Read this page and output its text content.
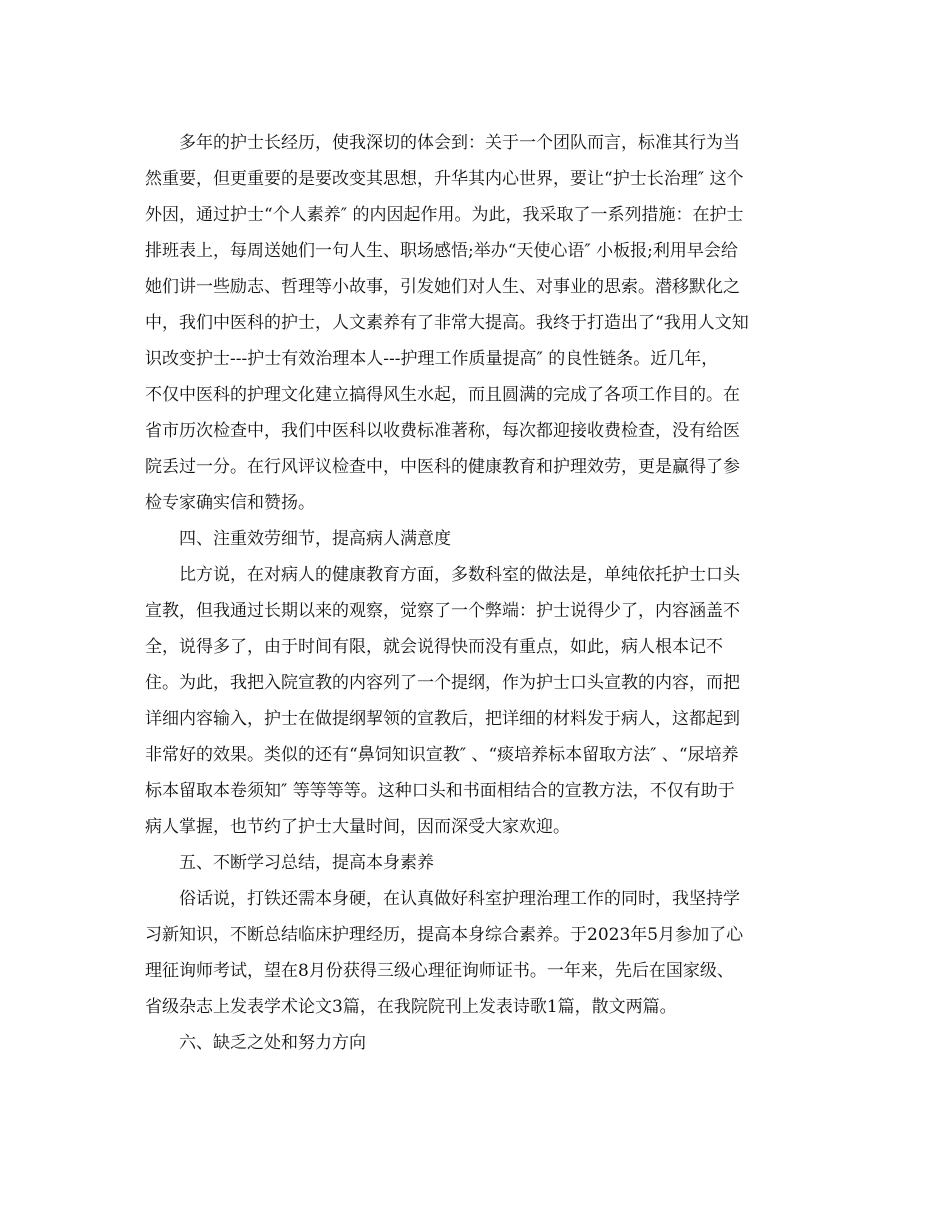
多年的护士长经历，使我深切的体会到：关于一个团队而言，标准其行为当
然重要，但更重要的是要改变其思想，升华其内心世界，要让“护士长治理″ 这个
外因，通过护士“个人素养″ 的内因起作用。为此，我采取了一系列措施：在护士
排班表上，每周送她们一句人生、职场感悟;举办“天使心语″ 小板报;利用早会给
她们讲一些励志、哲理等小故事，引发她们对人生、对事业的思索。潜移默化之
中，我们中医科的护士，人文素养有了非常大提高。我终于打造出了“我用人文知
识改变护士---护士有效治理本人---护理工作质量提高″ 的良性链条。近几年，
不仅中医科的护理文化建立搞得风生水起，而且圆满的完成了各项工作目的。在
省市历次检查中，我们中医科以收费标准著称，每次都迎接收费检查，没有给医
院丢过一分。在行风评议检查中，中医科的健康教育和护理效劳，更是赢得了参
检专家确实信和赞扬。
四、注重效劳细节，提高病人满意度
比方说，在对病人的健康教育方面，多数科室的做法是，单纯依托护士口头
宣教，但我通过长期以来的观察，觉察了一个弊端：护士说得少了，内容涵盖不
全，说得多了，由于时间有限，就会说得快而没有重点，如此，病人根本记不
住。为此，我把入院宣教的内容列了一个提纲，作为护士口头宣教的内容，而把
详细内容输入，护士在做提纲挈领的宣教后，把详细的材料发于病人，这都起到
非常好的效果。类似的还有“鼻饲知识宣教″ 、“痰培养标本留取方法″ 、“尿培养
标本留取本卷须知″ 等等等等。这种口头和书面相结合的宣教方法，不仅有助于
病人掌握，也节约了护士大量时间，因而深受大家欢迎。
五、不断学习总结，提高本身素养
俗话说，打铁还需本身硬，在认真做好科室护理治理工作的同时，我坚持学
习新知识，不断总结临床护理经历，提高本身综合素养。于2023年5月参加了心
理征询师考试，望在8月份获得三级心理征询师证书。一年来，先后在国家级、
省级杂志上发表学术论文3篇，在我院院刊上发表诗歌1篇，散文两篇。
六、缺乏之处和努力方向
